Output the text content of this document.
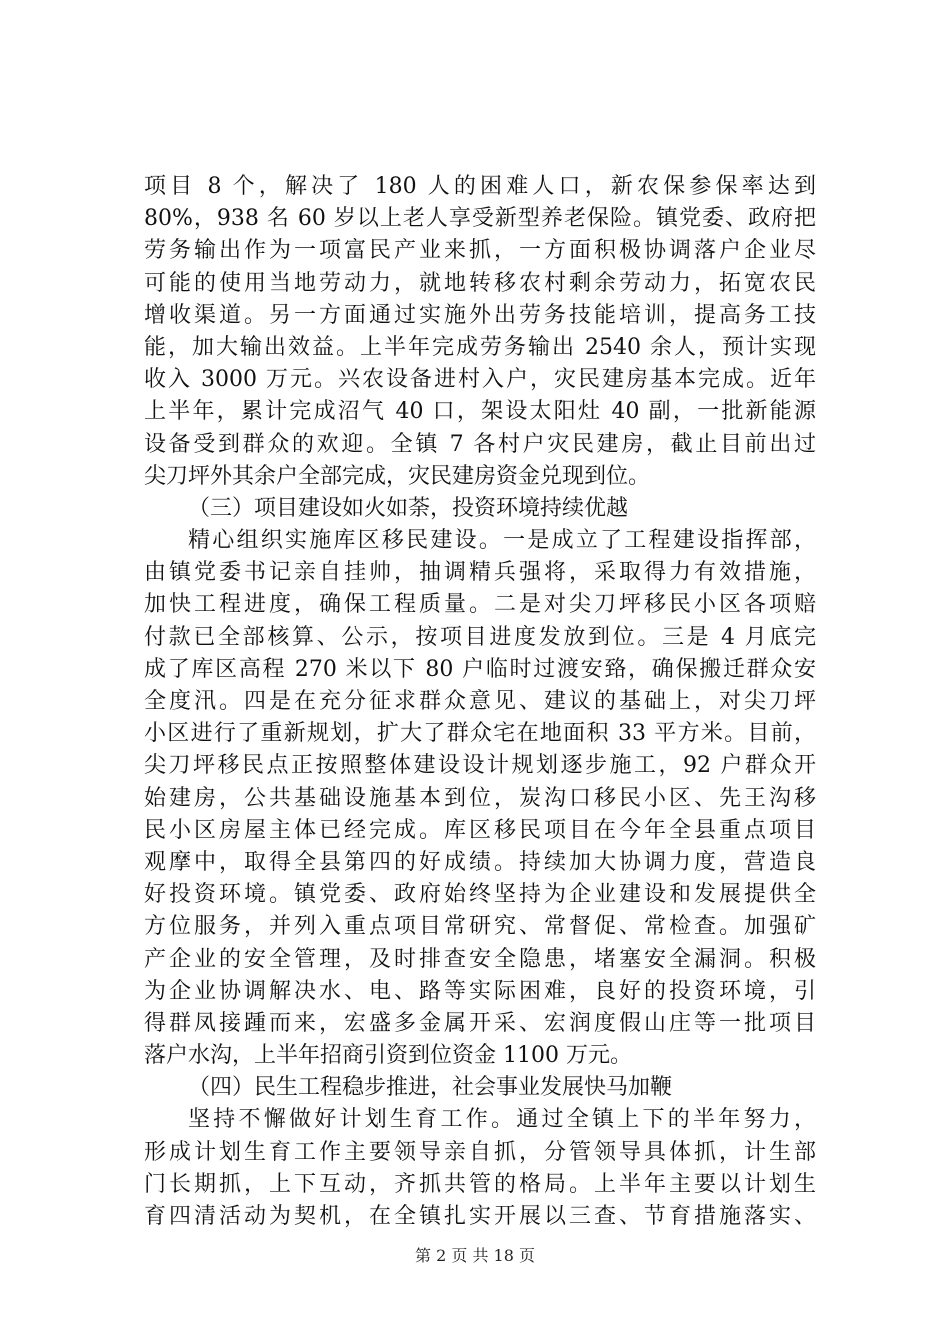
项目 8 个，解决了 180 人的困难人口，新农保参保率达到
80%，938 名 60 岁以上老人享受新型养老保险。镇党委、政府把
劳务输出作为一项富民产业来抓，一方面积极协调落户企业尽
可能的使用当地劳动力，就地转移农村剩余劳动力，拓宽农民
增收渠道。另一方面通过实施外出劳务技能培训，提高务工技
能，加大输出效益。上半年完成劳务输出 2540 余人，预计实现
收入 3000 万元。兴农设备进村入户，灾民建房基本完成。近年
上半年，累计完成沼气 40 口，架设太阳灶 40 副，一批新能源
设备受到群众的欢迎。全镇 7 各村户灾民建房，截止目前出过
尖刀坪外其余户全部完成，灾民建房资金兑现到位。
（三）项目建设如火如荼，投资环境持续优越
精心组织实施库区移民建设。一是成立了工程建设指挥部，
由镇党委书记亲自挂帅，抽调精兵强将，采取得力有效措施，
加快工程进度，确保工程质量。二是对尖刀坪移民小区各项赔
付款已全部核算、公示，按项目进度发放到位。三是 4 月底完
成了库区高程 270 米以下 80 户临时过渡安臵，确保搬迁群众安
全度汛。四是在充分征求群众意见、建议的基础上，对尖刀坪
小区进行了重新规划，扩大了群众宅在地面积 33 平方米。目前，
尖刀坪移民点正按照整体建设设计规划逐步施工，92 户群众开
始建房，公共基础设施基本到位，炭沟口移民小区、先王沟移
民小区房屋主体已经完成。库区移民项目在今年全县重点项目
观摩中，取得全县第四的好成绩。持续加大协调力度，营造良
好投资环境。镇党委、政府始终坚持为企业建设和发展提供全
方位服务，并列入重点项目常研究、常督促、常检查。加强矿
产企业的安全管理，及时排查安全隐患，堵塞安全漏洞。积极
为企业协调解决水、电、路等实际困难，良好的投资环境，引
得群凤接踵而来，宏盛多金属开采、宏润度假山庄等一批项目
落户水沟，上半年招商引资到位资金 1100 万元。
（四）民生工程稳步推进，社会事业发展快马加鞭
坚持不懈做好计划生育工作。通过全镇上下的半年努力，
形成计划生育工作主要领导亲自抓，分管领导具体抓，计生部
门长期抓，上下互动，齐抓共管的格局。上半年主要以计划生
育四清活动为契机，在全镇扎实开展以三查、节育措施落实、
第 2 页 共 18 页
